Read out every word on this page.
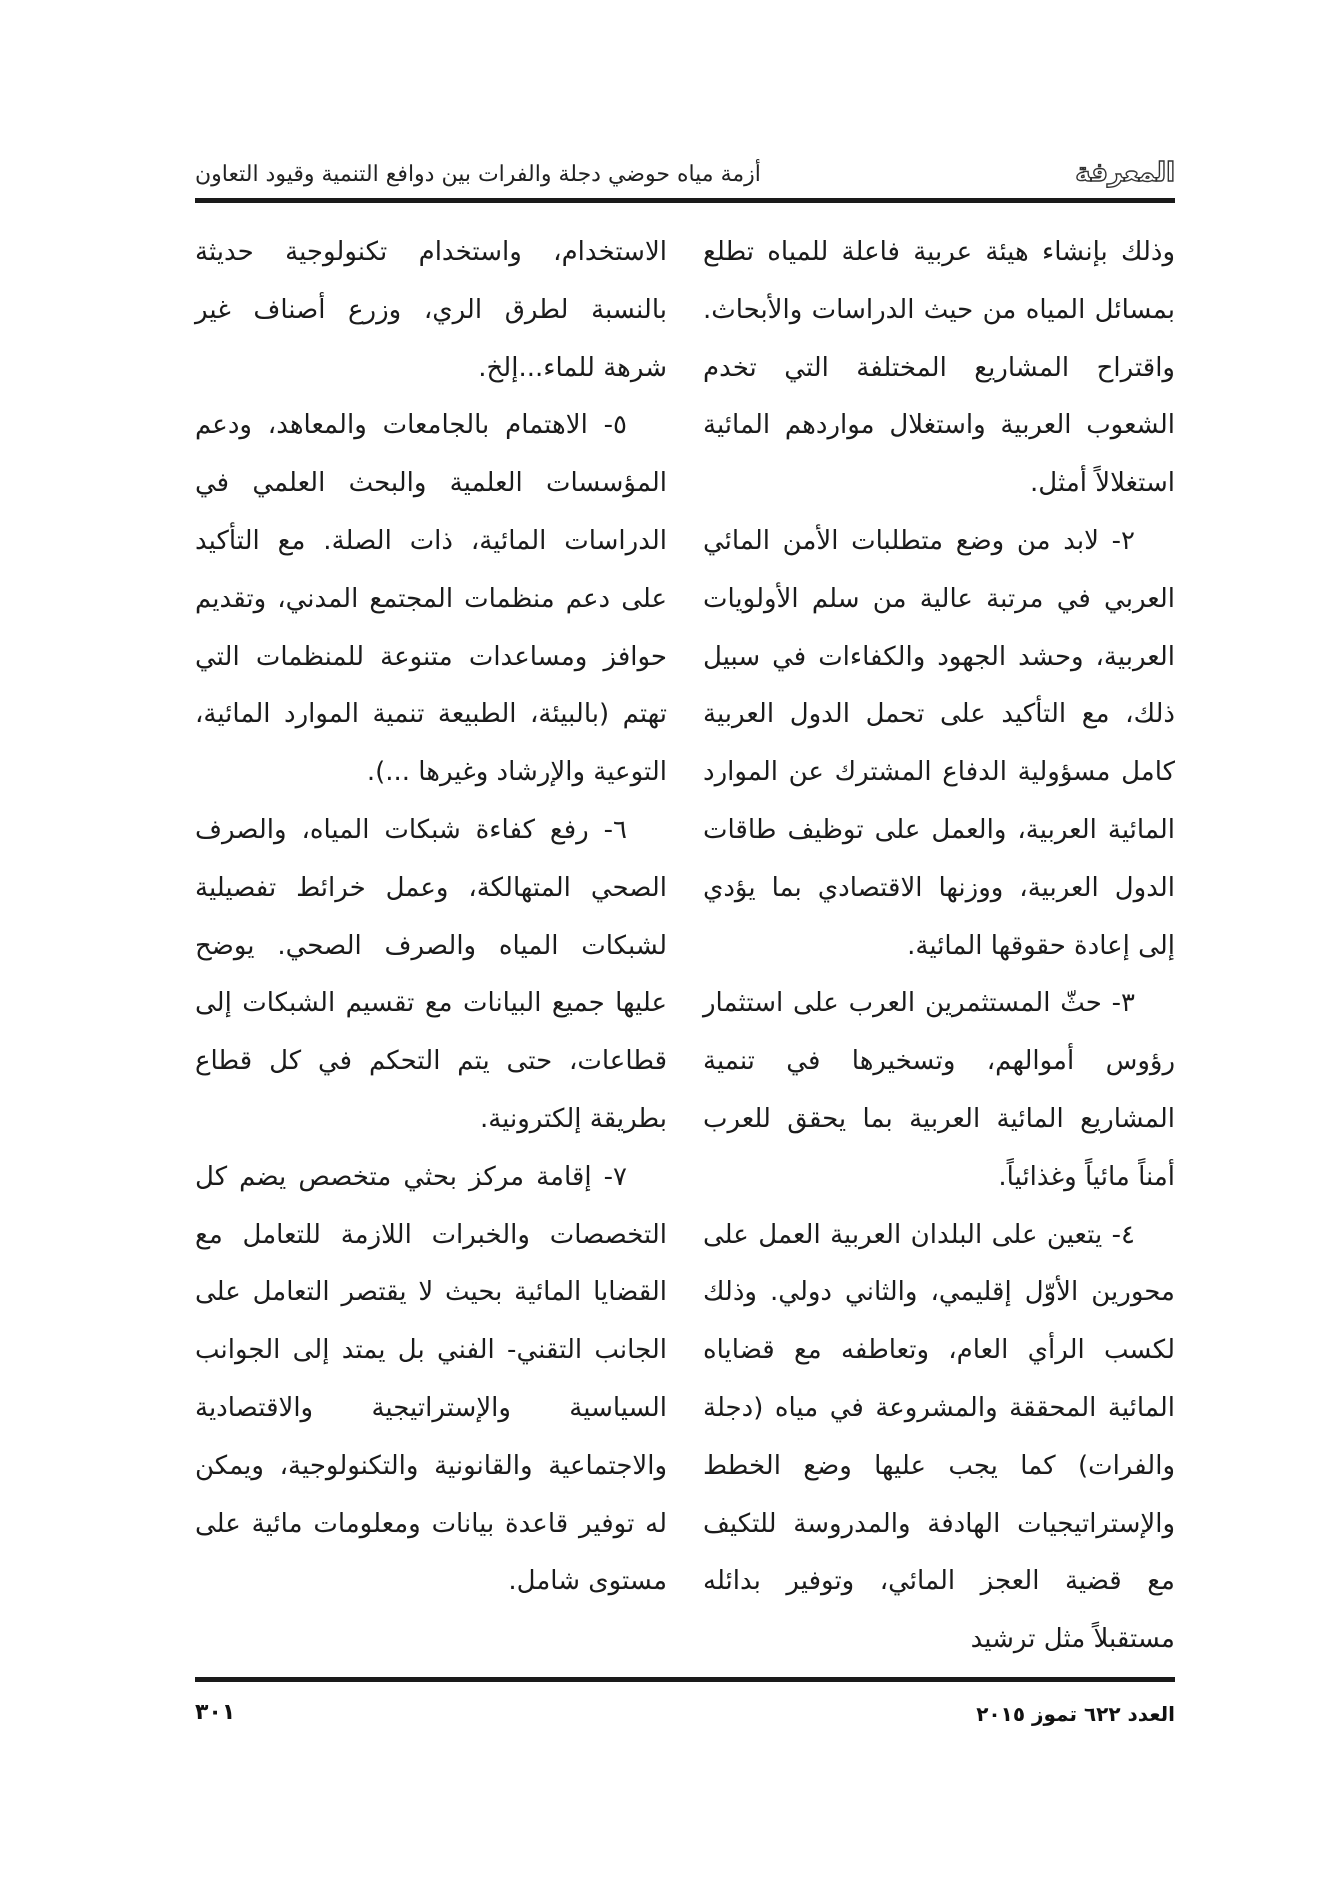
المعرفة
أزمة مياه حوضي دجلة والفرات بين دوافع التنمية وقيود التعاون

وذلك بإنشاء هيئة عربية فاعلة للمياه تطلع بمسائل المياه من حيث الدراسات والأبحاث. واقتراح المشاريع المختلفة التي تخدم الشعوب العربية واستغلال مواردهم المائية استغلالاً أمثل.

٢- لابد من وضع متطلبات الأمن المائي العربي في مرتبة عالية من سلم الأولويات العربية، وحشد الجهود والكفاءات في سبيل ذلك، مع التأكيد على تحمل الدول العربية كامل مسؤولية الدفاع المشترك عن الموارد المائية العربية، والعمل على توظيف طاقات الدول العربية، ووزنها الاقتصادي بما يؤدي إلى إعادة حقوقها المائية.

٣- حثّ المستثمرين العرب على استثمار رؤوس أموالهم، وتسخيرها في تنمية المشاريع المائية العربية بما يحقق للعرب أمناً مائياً وغذائياً.

٤- يتعين على البلدان العربية العمل على محورين الأوّل إقليمي، والثاني دولي. وذلك لكسب الرأي العام، وتعاطفه مع قضاياه المائية المحققة والمشروعة في مياه (دجلة والفرات) كما يجب عليها وضع الخطط والإستراتيجيات الهادفة والمدروسة للتكيف مع قضية العجز المائي، وتوفير بدائله مستقبلاً مثل ترشيد

الاستخدام، واستخدام تكنولوجية حديثة بالنسبة لطرق الري، وزرع أصناف غير شرهة للماء...إلخ.

٥- الاهتمام بالجامعات والمعاهد، ودعم المؤسسات العلمية والبحث العلمي في الدراسات المائية، ذات الصلة. مع التأكيد على دعم منظمات المجتمع المدني، وتقديم حوافز ومساعدات متنوعة للمنظمات التي تهتم (بالبيئة، الطبيعة تنمية الموارد المائية، التوعية والإرشاد وغيرها ...).

٦- رفع كفاءة شبكات المياه، والصرف الصحي المتهالكة، وعمل خرائط تفصيلية لشبكات المياه والصرف الصحي. يوضح عليها جميع البيانات مع تقسيم الشبكات إلى قطاعات، حتى يتم التحكم في كل قطاع بطريقة إلكترونية.

٧- إقامة مركز بحثي متخصص يضم كل التخصصات والخبرات اللازمة للتعامل مع القضايا المائية بحيث لا يقتصر التعامل على الجانب التقني- الفني بل يمتد إلى الجوانب السياسية والإستراتيجية والاقتصادية والاجتماعية والقانونية والتكنولوجية، ويمكن له توفير قاعدة بيانات ومعلومات مائية على مستوى شامل.

العدد ٦٢٢ تموز ٢٠١٥
٣٠١
